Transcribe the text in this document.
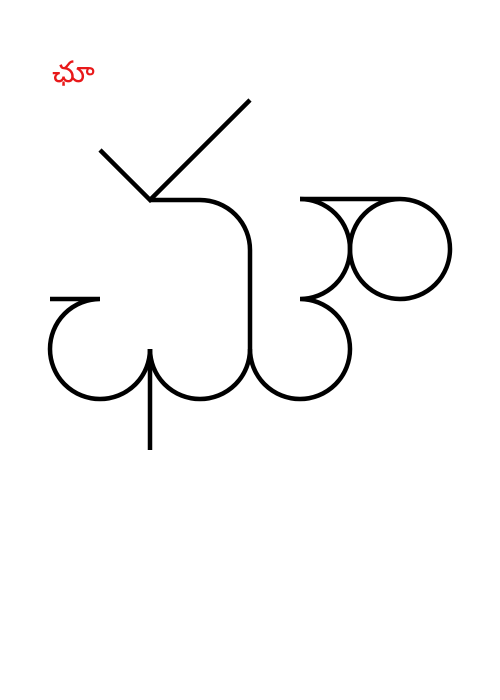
ఛూ
